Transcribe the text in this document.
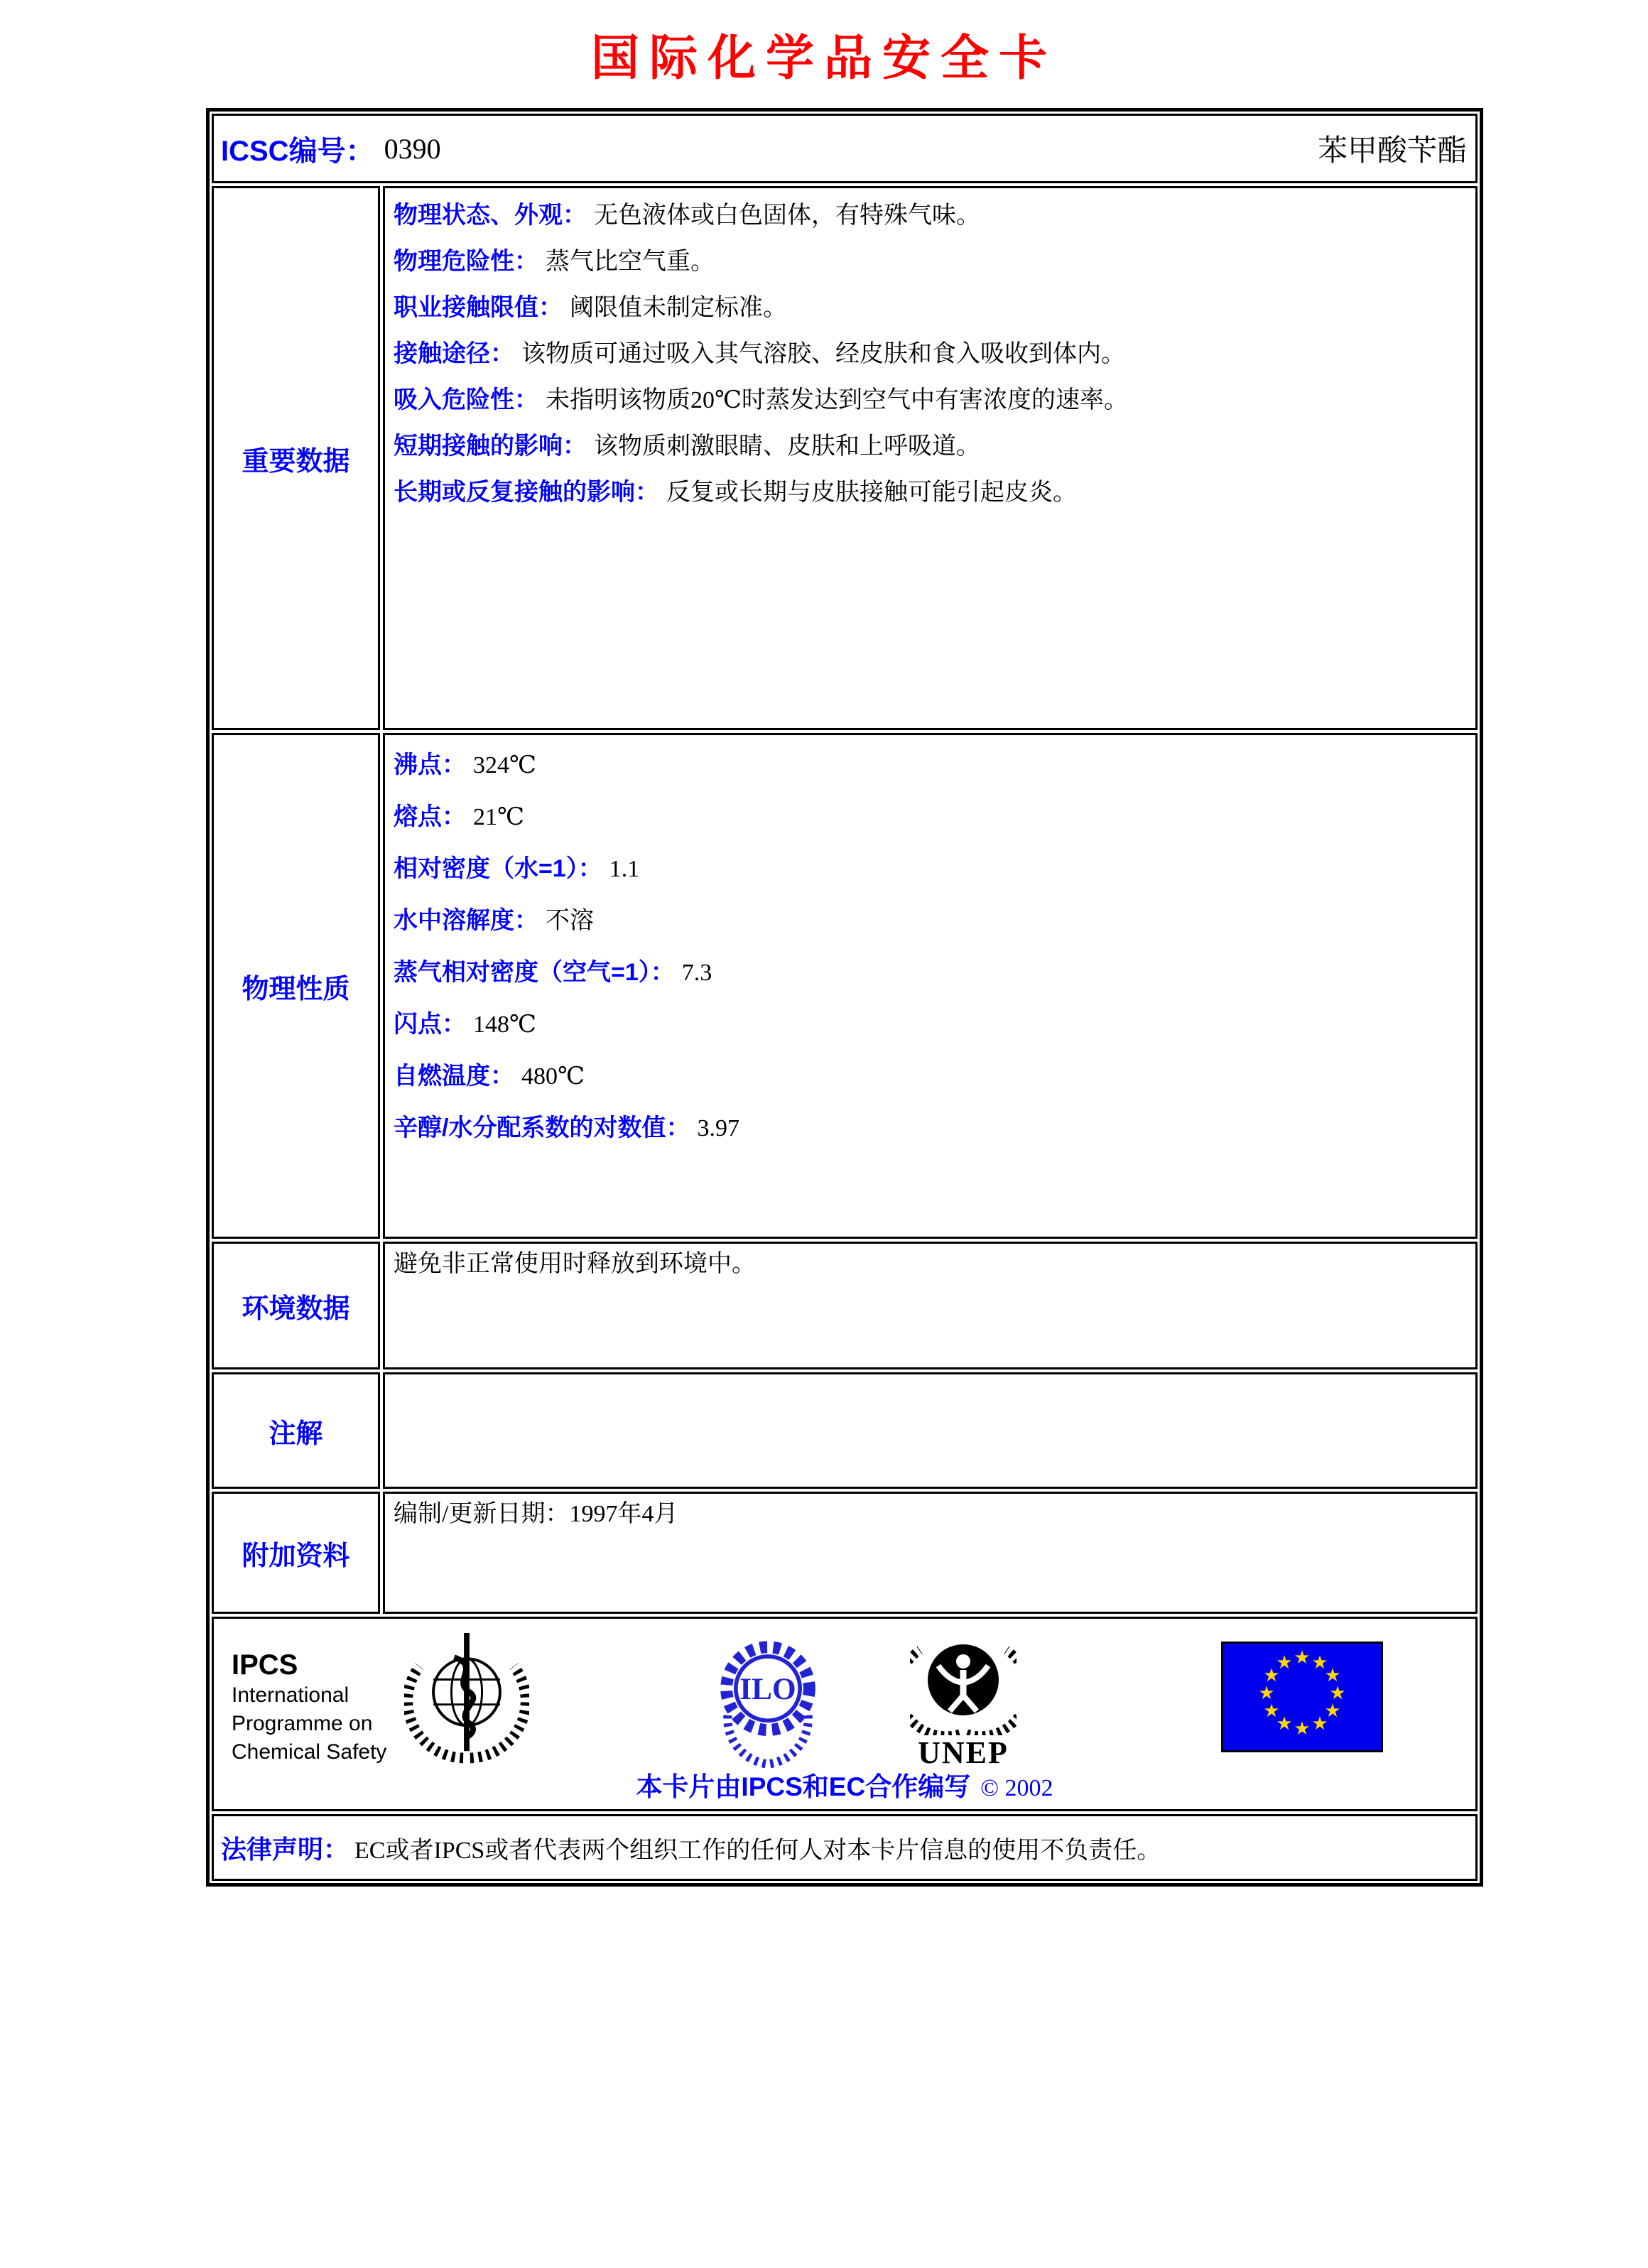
国际化学品安全卡
ICSC编号： 0390	苯甲酸苄酯
重要数据
物理状态、外观： 无色液体或白色固体，有特殊气味。
物理危险性： 蒸气比空气重。
职业接触限值： 阈限值未制定标准。
接触途径： 该物质可通过吸入其气溶胶、经皮肤和食入吸收到体内。
吸入危险性： 未指明该物质20℃时蒸发达到空气中有害浓度的速率。
短期接触的影响： 该物质刺激眼睛、皮肤和上呼吸道。
长期或反复接触的影响： 反复或长期与皮肤接触可能引起皮炎。
物理性质
沸点： 324℃
熔点： 21℃
相对密度（水=1）： 1.1
水中溶解度： 不溶
蒸气相对密度（空气=1）： 7.3
闪点： 148℃
自燃温度： 480℃
辛醇/水分配系数的对数值： 3.97
环境数据
避免非正常使用时释放到环境中。
注解
附加资料
编制/更新日期：1997年4月
IPCS
International
Programme on
Chemical Safety
ILO
UNEP
★ ★
★
★
★
★
★
★
★
★
★
★
本卡片由IPCS和EC合作编写 © 2002
法律声明： EC或者IPCS或者代表两个组织工作的任何人对本卡片信息的使用不负责任。
